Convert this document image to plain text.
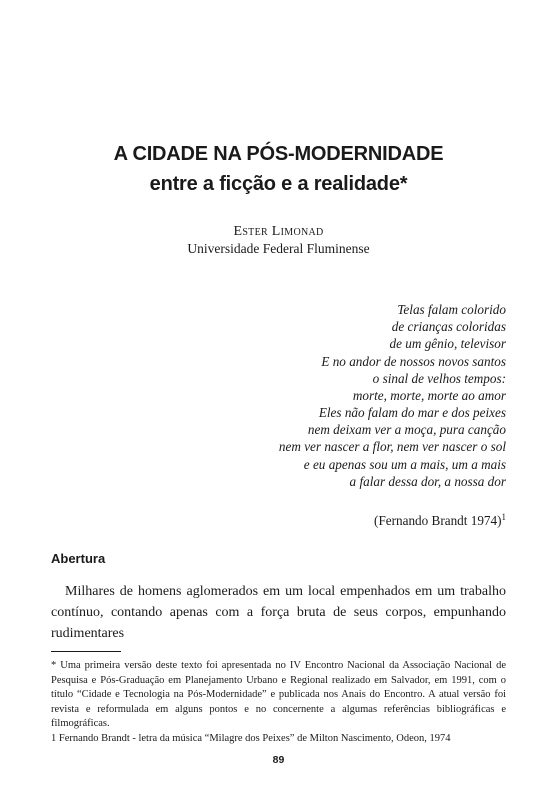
A CIDADE NA PÓS-MODERNIDADE
entre a ficção e a realidade*
Ester Limonad
Universidade Federal Fluminense
Telas falam colorido
de crianças coloridas
de um gênio, televisor
E no andor de nossos novos santos
o sinal de velhos tempos:
morte, morte, morte ao amor
Eles não falam do mar e dos peixes
nem deixam ver a moça, pura canção
nem ver nascer a flor, nem ver nascer o sol
e eu apenas sou um a mais, um a mais
a falar dessa dor, a nossa dor
(Fernando Brandt 1974)$^1$
Abertura
Milhares de homens aglomerados em um local empenhados em um trabalho contínuo, contando apenas com a força bruta de seus corpos, empunhando rudimentares

* Uma primeira versão deste texto foi apresentada no IV Encontro Nacional da Associação Nacional de Pesquisa e Pós-Graduação em Planejamento Urbano e Regional realizado em Salvador, em 1991, com o título “Cidade e Tecnologia na Pós-Modernidade” e publicada nos Anais do Encontro. A atual versão foi revista e reformulada em alguns pontos e no concernente a algumas referências bibliográficas e filmográficas.

1 Fernando Brandt - letra da música “Milagre dos Peixes” de Milton Nascimento, Odeon, 1974

89
